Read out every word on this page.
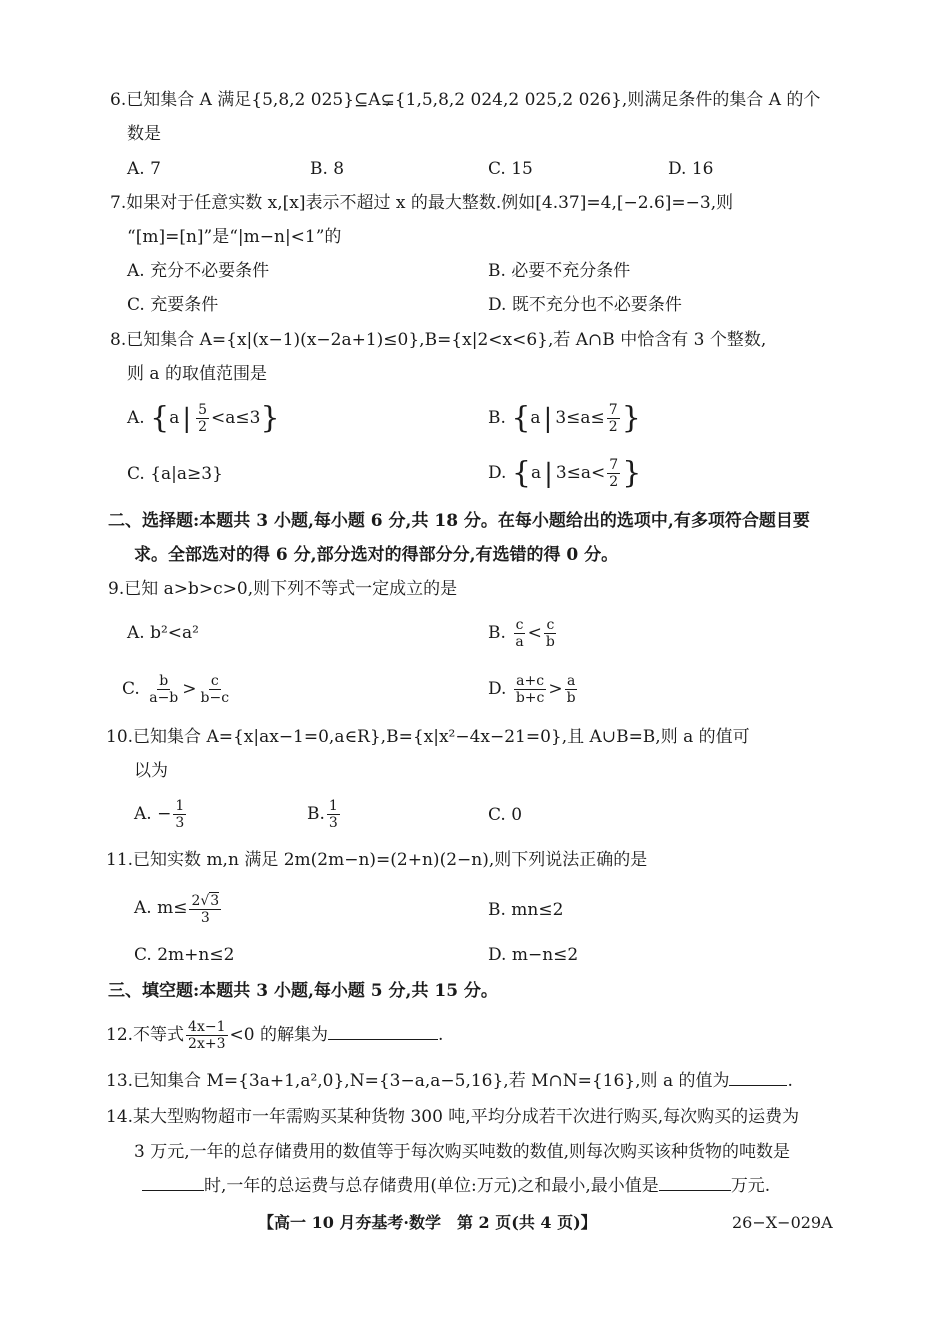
6.已知集合 A 满足{5,8,2 025}⊆A⊊{1,5,8,2 024,2 025,2 026},则满足条件的集合 A 的个
数是
A. 7	B. 8	C. 15	D. 16
7.如果对于任意实数 x,[x]表示不超过 x 的最大整数.例如[4.37]=4,[−2.6]=−3,则
“[m]=[n]”是“|m−n|<1”的
A. 充分不必要条件	B. 必要不充分条件
C. 充要条件	D. 既不充分也不必要条件
8.已知集合 A={x|(x−1)(x−2a+1)≤0},B={x|2<x<6},若 A∩B 中恰含有 3 个整数,
则 a 的取值范围是
A. {a | $\frac{5}{2} <a\le 3$}	B. {a | $3\le a\le \frac{7}{2}$ }
C. {a|a≥3}	D. {a | $3\le a< \frac{7}{2}$ }
二、选择题:本题共 3 小题,每小题 6 分,共 18 分。在每小题给出的选项中,有多项符合题目要
求。全部选对的得 6 分,部分选对的得部分分,有选错的得 0 分。
9.已知 a>b>c>0,则下列不等式一定成立的是
A. b²<a²	B. $\frac{c}{a} < \frac{c}{b}$
C. $\frac{b}{a-b} > \frac{c}{b-c}$	D. $\frac{a+c}{b+c} > \frac{a}{b}$
10.已知集合 A={x|ax−1=0,a∈R},B={x|x²−4x−21=0},且 A∪B=B,则 a 的值可
以为
A. − $\frac{1}{3}$	B. $\frac{1}{3}$	C. 0
11.已知实数 m,n 满足 2m(2m−n)=(2+n)(2−n),则下列说法正确的是
A. $m\le \frac{2√3}{3}$	B. mn≤2
C. 2m+n≤2	D. m−n≤2
三、填空题:本题共 3 小题,每小题 5 分,共 15 分。
12.不等式 $\frac{4x-1}{2x+3} <0$ 的解集为	.
13.已知集合 M={3a+1,a²,0},N={3−a,a−5,16},若 M∩N={16},则 a 的值为	.
14.某大型购物超市一年需购买某种货物 300 吨,平均分成若干次进行购买,每次购买的运费为
3 万元,一年的总存储费用的数值等于每次购买吨数的数值,则每次购买该种货物的吨数是
时,一年的总运费与总存储费用(单位:万元)之和最小,最小值是	万元.
【高一 10 月夯基考·数学　第 2 页(共 4 页)】	26−X−029A
